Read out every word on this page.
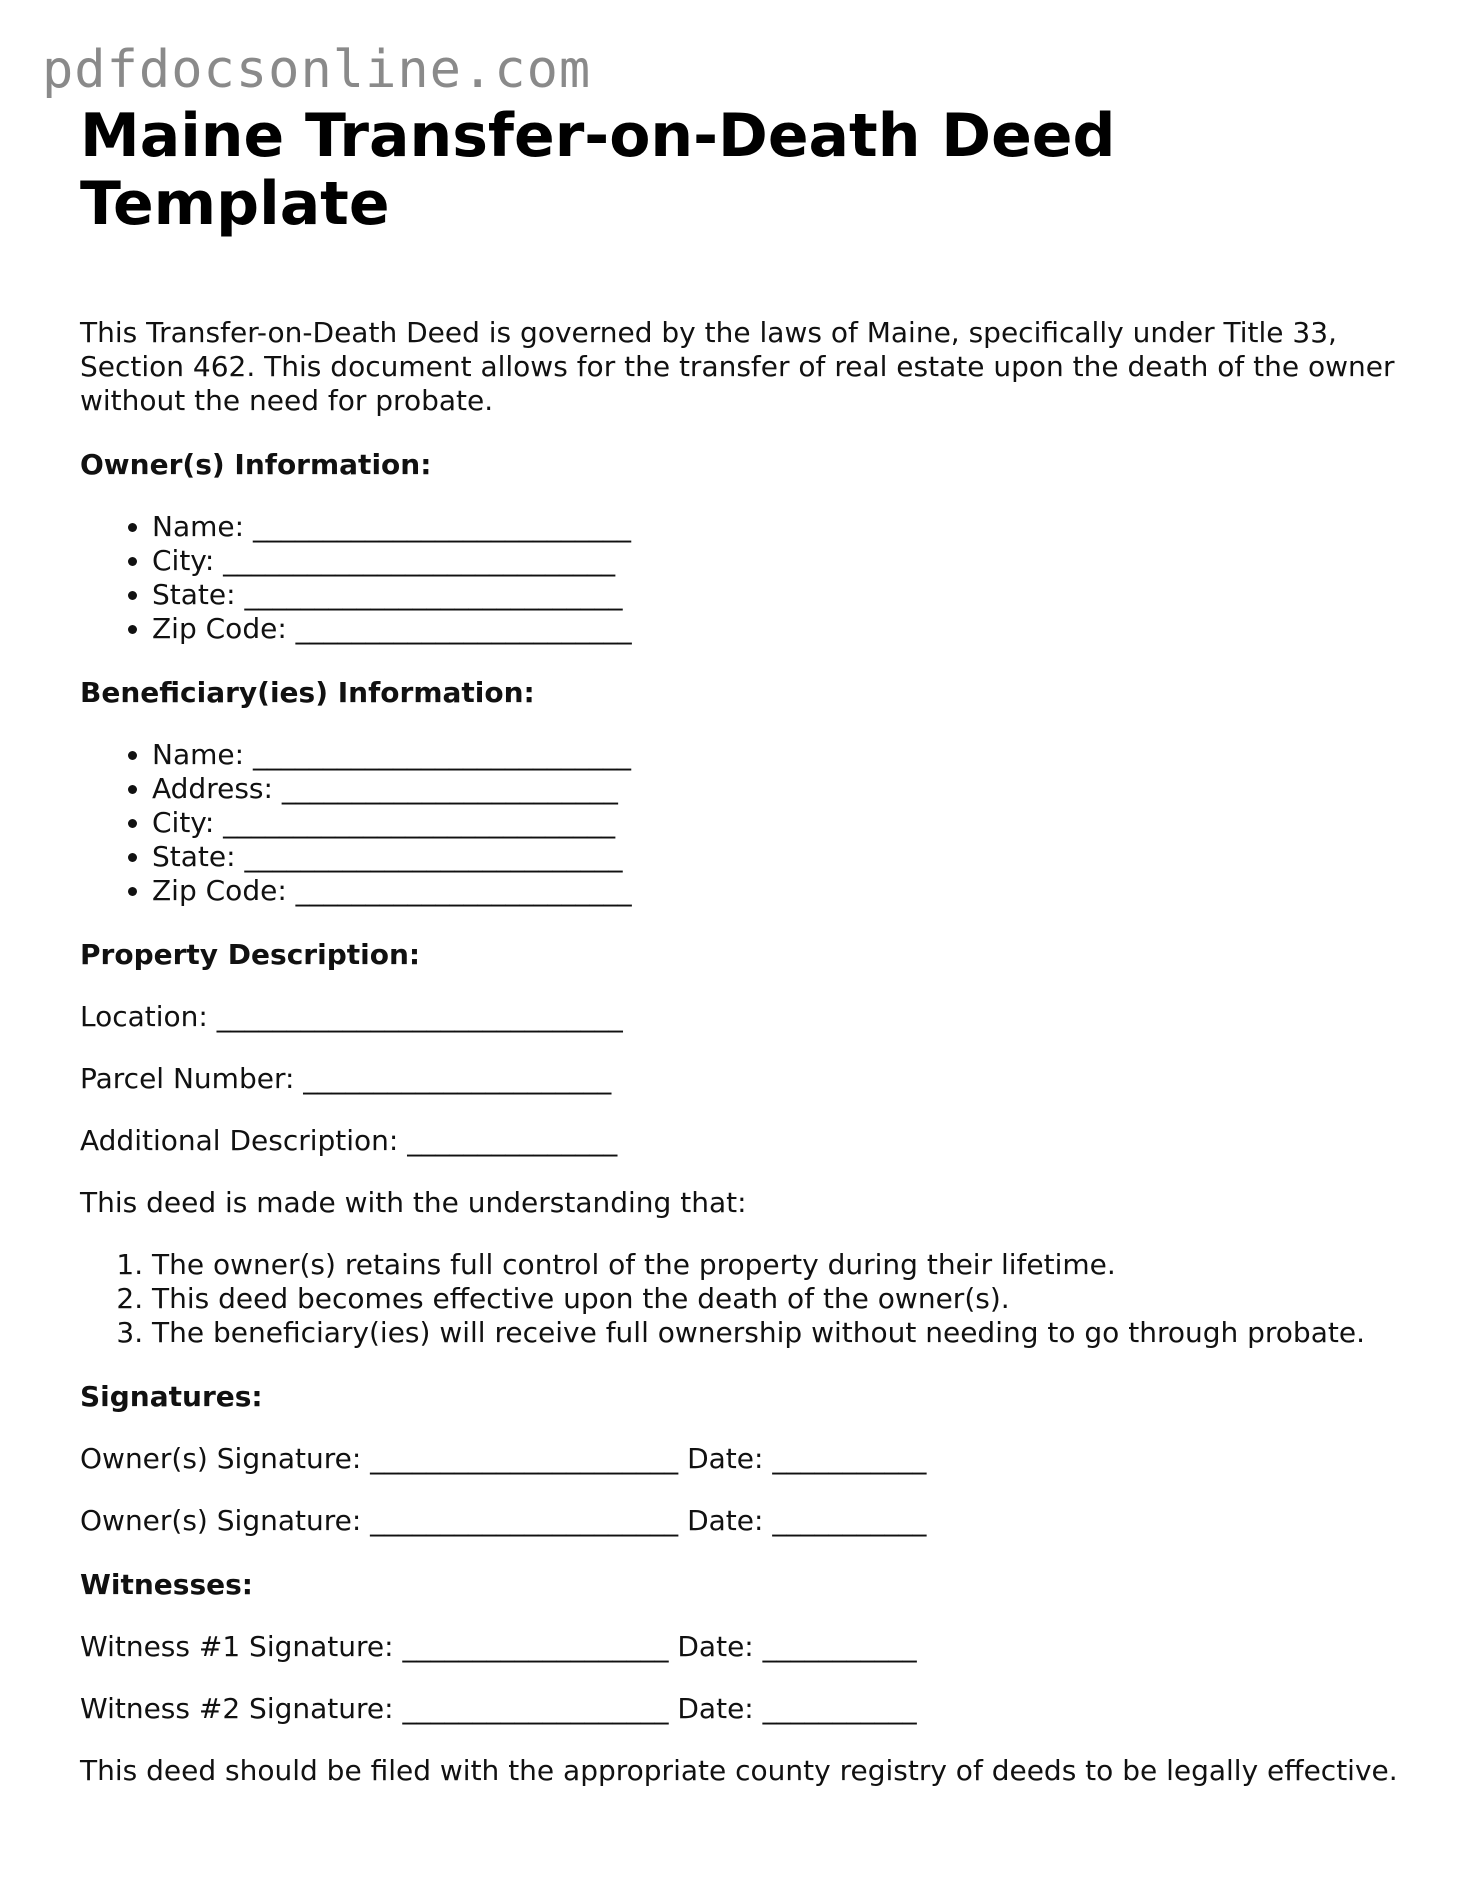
pdfdocsonline.com
Maine Transfer-on-Death Deed Template

This Transfer-on-Death Deed is governed by the laws of Maine, specifically under Title 33, Section 462. This document allows for the transfer of real estate upon the death of the owner without the need for probate.

Owner(s) Information:

• Name: ___________________________
• City: ____________________________
• State: ___________________________
• Zip Code: ________________________

Beneficiary(ies) Information:

• Name: ___________________________
• Address: ________________________
• City: ____________________________
• State: ___________________________
• Zip Code: ________________________

Property Description:

Location: _____________________________

Parcel Number: ______________________

Additional Description: _______________

This deed is made with the understanding that:

1. The owner(s) retains full control of the property during their lifetime.
2. This deed becomes effective upon the death of the owner(s).
3. The beneficiary(ies) will receive full ownership without needing to go through probate.

Signatures:

Owner(s) Signature: ______________________ Date: ___________

Owner(s) Signature: ______________________ Date: ___________

Witnesses:

Witness #1 Signature: ___________________ Date: ___________

Witness #2 Signature: ___________________ Date: ___________

This deed should be filed with the appropriate county registry of deeds to be legally effective.
